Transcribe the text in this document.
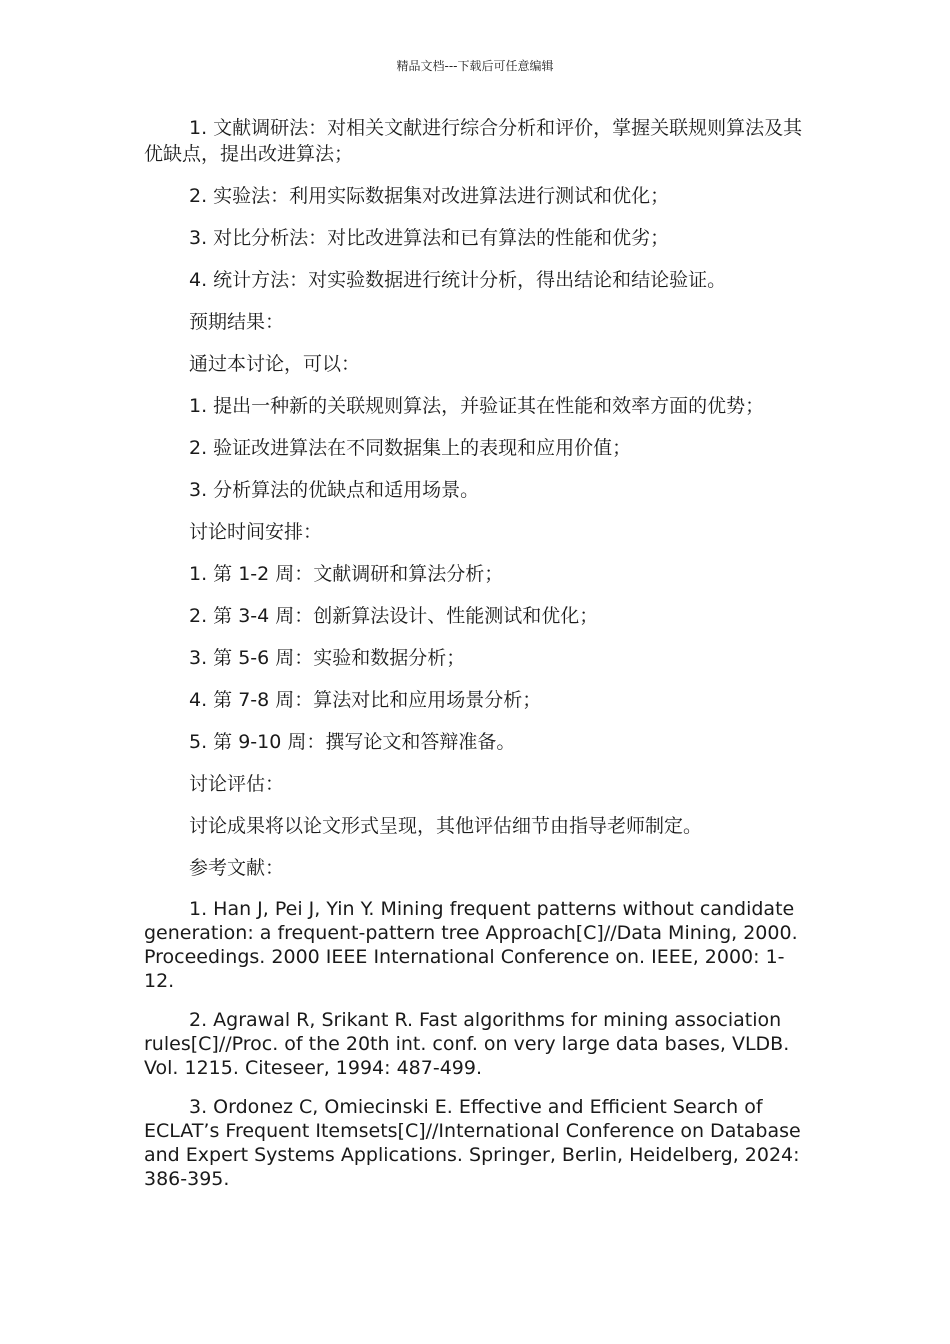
精品文档---下载后可任意编辑

1. 文献调研法：对相关文献进行综合分析和评价，掌握关联规则算法及其优缺点，提出改进算法；

2. 实验法：利用实际数据集对改进算法进行测试和优化；

3. 对比分析法：对比改进算法和已有算法的性能和优劣；

4. 统计方法：对实验数据进行统计分析，得出结论和结论验证。

预期结果：

通过本讨论，可以：

1. 提出一种新的关联规则算法，并验证其在性能和效率方面的优势；

2. 验证改进算法在不同数据集上的表现和应用价值；

3. 分析算法的优缺点和适用场景。

讨论时间安排：

1. 第 1-2 周：文献调研和算法分析；

2. 第 3-4 周：创新算法设计、性能测试和优化；

3. 第 5-6 周：实验和数据分析；

4. 第 7-8 周：算法对比和应用场景分析；

5. 第 9-10 周：撰写论文和答辩准备。

讨论评估：

讨论成果将以论文形式呈现，其他评估细节由指导老师制定。

参考文献：

1. Han J, Pei J, Yin Y. Mining frequent patterns without candidate generation: a frequent-pattern tree Approach[C]//Data Mining, 2000. Proceedings. 2000 IEEE International Conference on. IEEE, 2000: 1-12.

2. Agrawal R, Srikant R. Fast algorithms for mining association rules[C]//Proc. of the 20th int. conf. on very large data bases, VLDB. Vol. 1215. Citeseer, 1994: 487-499.

3. Ordonez C, Omiecinski E. Effective and Efficient Search of ECLAT’s Frequent Itemsets[C]//International Conference on Database and Expert Systems Applications. Springer, Berlin, Heidelberg, 2024: 386-395.
